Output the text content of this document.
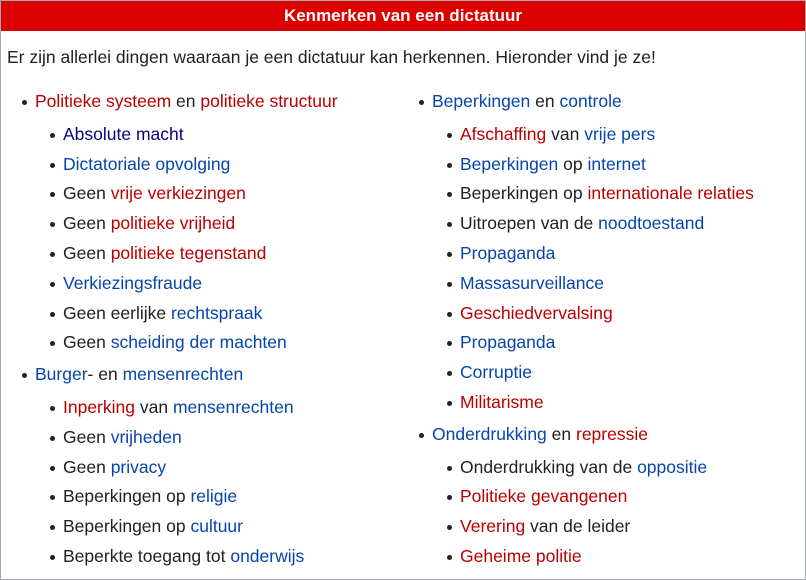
Kenmerken van een dictatuur

Er zijn allerlei dingen waaraan je een dictatuur kan herkennen. Hieronder vind je ze!

Politieke systeem en politieke structuur
Absolute macht
Dictatoriale opvolging
Geen vrije verkiezingen
Geen politieke vrijheid
Geen politieke tegenstand
Verkiezingsfraude
Geen eerlijke rechtspraak
Geen scheiding der machten
Burger- en mensenrechten
Inperking van mensenrechten
Geen vrijheden
Geen privacy
Beperkingen op religie
Beperkingen op cultuur
Beperkte toegang tot onderwijs
Beperkingen en controle
Afschaffing van vrije pers
Beperkingen op internet
Beperkingen op internationale relaties
Uitroepen van de noodtoestand
Propaganda
Massasurveillance
Geschiedvervalsing
Propaganda
Corruptie
Militarisme
Onderdrukking en repressie
Onderdrukking van de oppositie
Politieke gevangenen
Verering van de leider
Geheime politie
